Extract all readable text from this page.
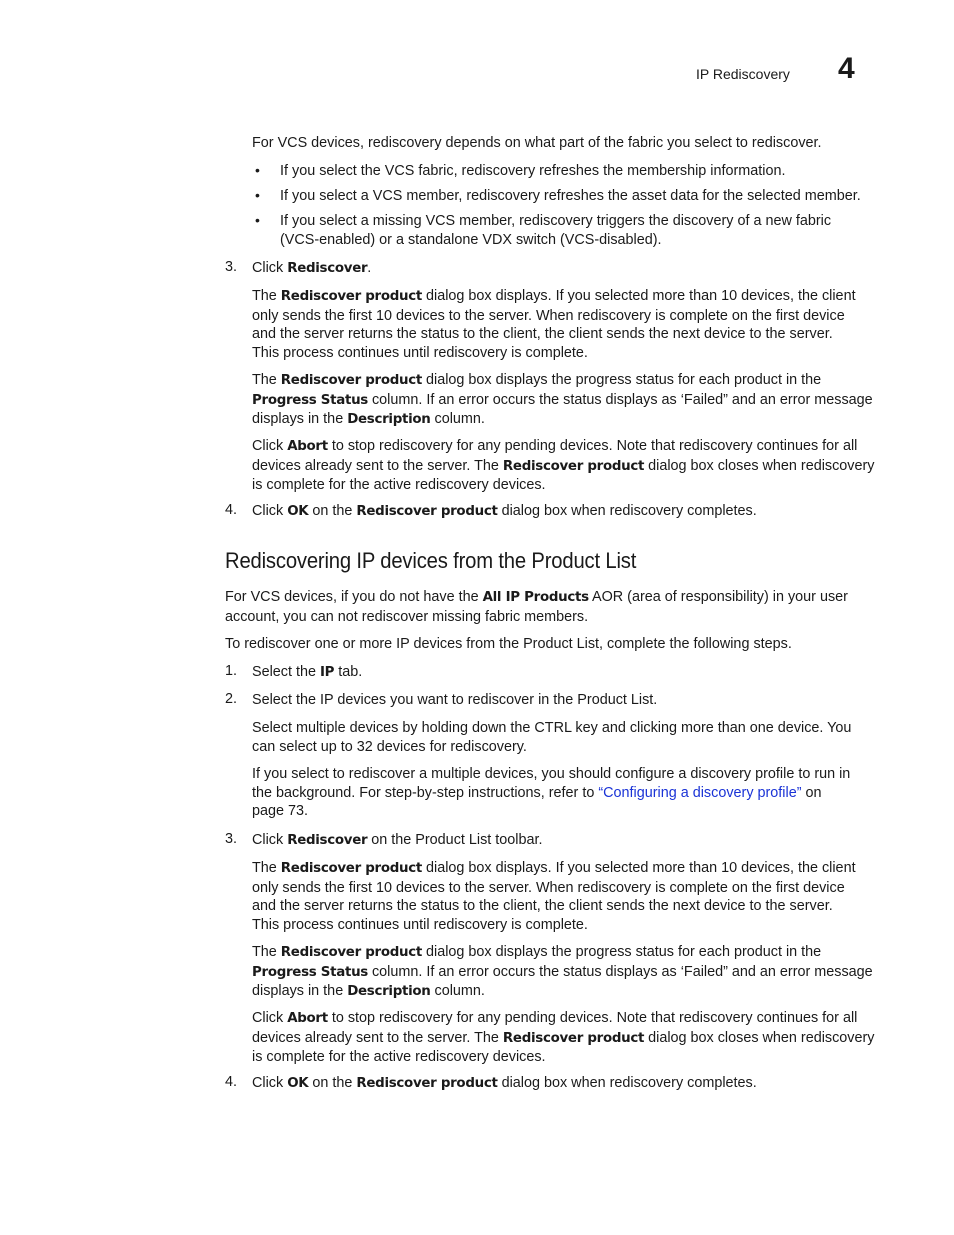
IP Rediscovery 4

For VCS devices, rediscovery depends on what part of the fabric you select to rediscover.

• If you select the VCS fabric, rediscovery refreshes the membership information.

• If you select a VCS member, rediscovery refreshes the asset data for the selected member.

• If you select a missing VCS member, rediscovery triggers the discovery of a new fabric

(VCS-enabled) or a standalone VDX switch (VCS-disabled).

3. Click Rediscover.

The Rediscover product dialog box displays. If you selected more than 10 devices, the client
only sends the first 10 devices to the server. When rediscovery is complete on the first device
and the server returns the status to the client, the client sends the next device to the server.
This process continues until rediscovery is complete.

The Rediscover product dialog box displays the progress status for each product in the
Progress Status column. If an error occurs the status displays as ‘Failed” and an error message
displays in the Description column.

Click Abort to stop rediscovery for any pending devices. Note that rediscovery continues for all
devices already sent to the server. The Rediscover product dialog box closes when rediscovery
is complete for the active rediscovery devices.

4. Click OK on the Rediscover product dialog box when rediscovery completes.

Rediscovering IP devices from the Product List

For VCS devices, if you do not have the All IP Products AOR (area of responsibility) in your user
account, you can not rediscover missing fabric members.

To rediscover one or more IP devices from the Product List, complete the following steps.

1. Select the IP tab.

2. Select the IP devices you want to rediscover in the Product List.

Select multiple devices by holding down the CTRL key and clicking more than one device. You
can select up to 32 devices for rediscovery.

If you select to rediscover a multiple devices, you should configure a discovery profile to run in
the background. For step-by-step instructions, refer to “Configuring a discovery profile” on
page 73.

3. Click Rediscover on the Product List toolbar.

The Rediscover product dialog box displays. If you selected more than 10 devices, the client
only sends the first 10 devices to the server. When rediscovery is complete on the first device
and the server returns the status to the client, the client sends the next device to the server.
This process continues until rediscovery is complete.

The Rediscover product dialog box displays the progress status for each product in the
Progress Status column. If an error occurs the status displays as ‘Failed” and an error message
displays in the Description column.

Click Abort to stop rediscovery for any pending devices. Note that rediscovery continues for all
devices already sent to the server. The Rediscover product dialog box closes when rediscovery
is complete for the active rediscovery devices.

4. Click OK on the Rediscover product dialog box when rediscovery completes.
